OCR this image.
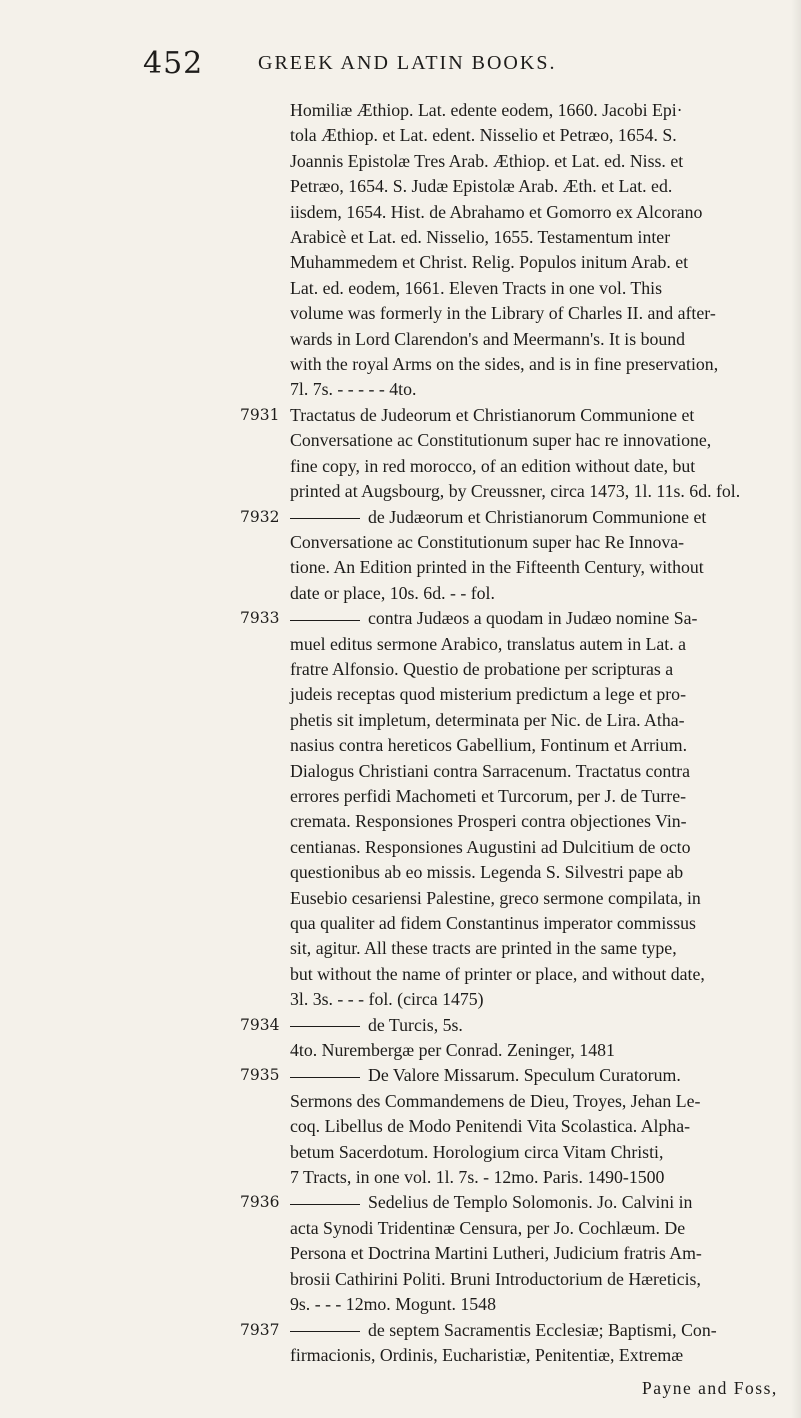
452	GREEK AND LATIN BOOKS.
Homiliæ Æthiop. Lat. edente eodem, 1660. Jacobi Epi·
tola Æthiop. et Lat. edent. Nisselio et Petræo, 1654. S.
Joannis Epistolæ Tres Arab. Æthiop. et Lat. ed. Niss. et
Petræo, 1654. S. Judæ Epistolæ Arab. Æth. et Lat. ed.
iisdem, 1654. Hist. de Abrahamo et Gomorro ex Alcorano
Arabicè et Lat. ed. Nisselio, 1655. Testamentum inter
Muhammedem et Christ. Relig. Populos initum Arab. et
Lat. ed. eodem, 1661. Eleven Tracts in one vol. This
volume was formerly in the Library of Charles II. and after-
wards in Lord Clarendon's and Meermann's. It is bound
with the royal Arms on the sides, and is in fine preservation,
7l. 7s. - - - - - 4to.
7931 Tractatus de Judeorum et Christianorum Communione et
Conversatione ac Constitutionum super hac re innovatione,
fine copy, in red morocco, of an edition without date, but
printed at Augsbourg, by Creussner, circa 1473, 1l. 11s. 6d. fol.
7932	de Judæorum et Christianorum Communione et
Conversatione ac Constitutionum super hac Re Innova-
tione. An Edition printed in the Fifteenth Century, without
date or place, 10s. 6d. - - fol.
7933	contra Judæos a quodam in Judæo nomine Sa-
muel editus sermone Arabico, translatus autem in Lat. a
fratre Alfonsio. Questio de probatione per scripturas a
judeis receptas quod misterium predictum a lege et pro-
phetis sit impletum, determinata per Nic. de Lira. Atha-
nasius contra hereticos Gabellium, Fontinum et Arrium.
Dialogus Christiani contra Sarracenum. Tractatus contra
errores perfidi Machometi et Turcorum, per J. de Turre-
cremata. Responsiones Prosperi contra objectiones Vin-
centianas. Responsiones Augustini ad Dulcitium de octo
questionibus ab eo missis. Legenda S. Silvestri pape ab
Eusebio cesariensi Palestine, greco sermone compilata, in
qua qualiter ad fidem Constantinus imperator commissus
sit, agitur. All these tracts are printed in the same type,
but without the name of printer or place, and without date,
3l. 3s. - - - fol. (circa 1475)
7934	de Turcis, 5s.
4to. Nurembergæ per Conrad. Zeninger, 1481
7935	De Valore Missarum. Speculum Curatorum.
Sermons des Commandemens de Dieu, Troyes, Jehan Le-
coq. Libellus de Modo Penitendi Vita Scolastica. Alpha-
betum Sacerdotum. Horologium circa Vitam Christi,
7 Tracts, in one vol. 1l. 7s. - 12mo. Paris. 1490-1500
7936	Sedelius de Templo Solomonis. Jo. Calvini in
acta Synodi Tridentinæ Censura, per Jo. Cochlæum. De
Persona et Doctrina Martini Lutheri, Judicium fratris Am-
brosii Cathirini Politi. Bruni Introductorium de Hæreticis,
9s. - - - 12mo. Mogunt. 1548
7937	de septem Sacramentis Ecclesiæ; Baptismi, Con-
firmacionis, Ordinis, Eucharistiæ, Penitentiæ, Extremæ
Payne and Foss,
